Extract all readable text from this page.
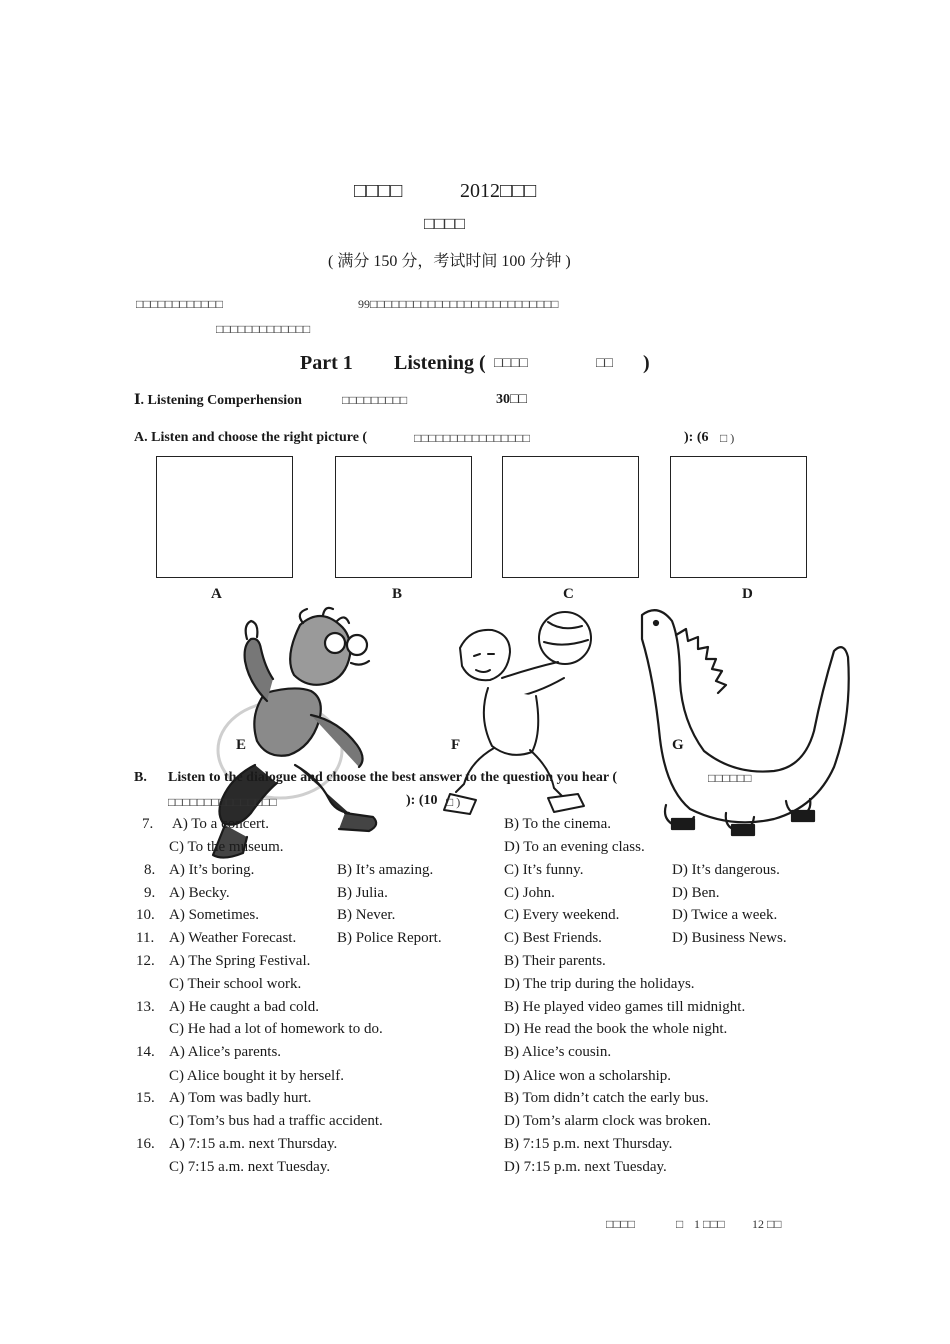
□□□□	2012□□□
□□□□
( 满分 150 分，考试时间 100 分钟 )
□□□□□□□□□□□□	99□□□□□□□□□□□□□□□□□□□□□□□□□□
□□□□□□□□□□□□□
Part 1 Listening ( □□□□	□□ )
Ⅰ. Listening Comperhension	□□□□□□□□□	30□□
A. Listen and choose the right picture (	□□□□□□□□□□□□□□□□	): (6 □ )
A	B	C	D
E	F	G
B. Listen to the dialogue and choose the best answer to the question you hear (	□□□□□□
□□□□□□□□□□□□□□□	): (10 □ )
7. A) To a concert.	B) To the cinema.
C) To the museum.	D) To an evening class.
8. A) It’s boring.	B) It’s amazing.	C) It’s funny.	D) It’s dangerous.
9. A) Becky.	B) Julia.	C) John.	D) Ben.
10. A) Sometimes.	B) Never.	C) Every weekend.	D) Twice a week.
11. A) Weather Forecast.	B) Police Report.	C) Best Friends.	D) Business News.
12. A) The Spring Festival.	B) Their parents.
C) Their school work.	D) The trip during the holidays.
13. A) He caught a bad cold.	B) He played video games till midnight.
C) He had a lot of homework to do.	D) He read the book the whole night.
14. A) Alice’s parents.	B) Alice’s cousin.
C) Alice bought it by herself.	D) Alice won a scholarship.
15. A) Tom was badly hurt.	B) Tom didn’t catch the early bus.
C) Tom’s bus had a traffic accident.	D) Tom’s alarm clock was broken.
16. A) 7:15 a.m. next Thursday.	B) 7:15 p.m. next Thursday.
C) 7:15 a.m. next Tuesday.	D) 7:15 p.m. next Tuesday.
□□□□	□ 1 □□□ 12 □□
